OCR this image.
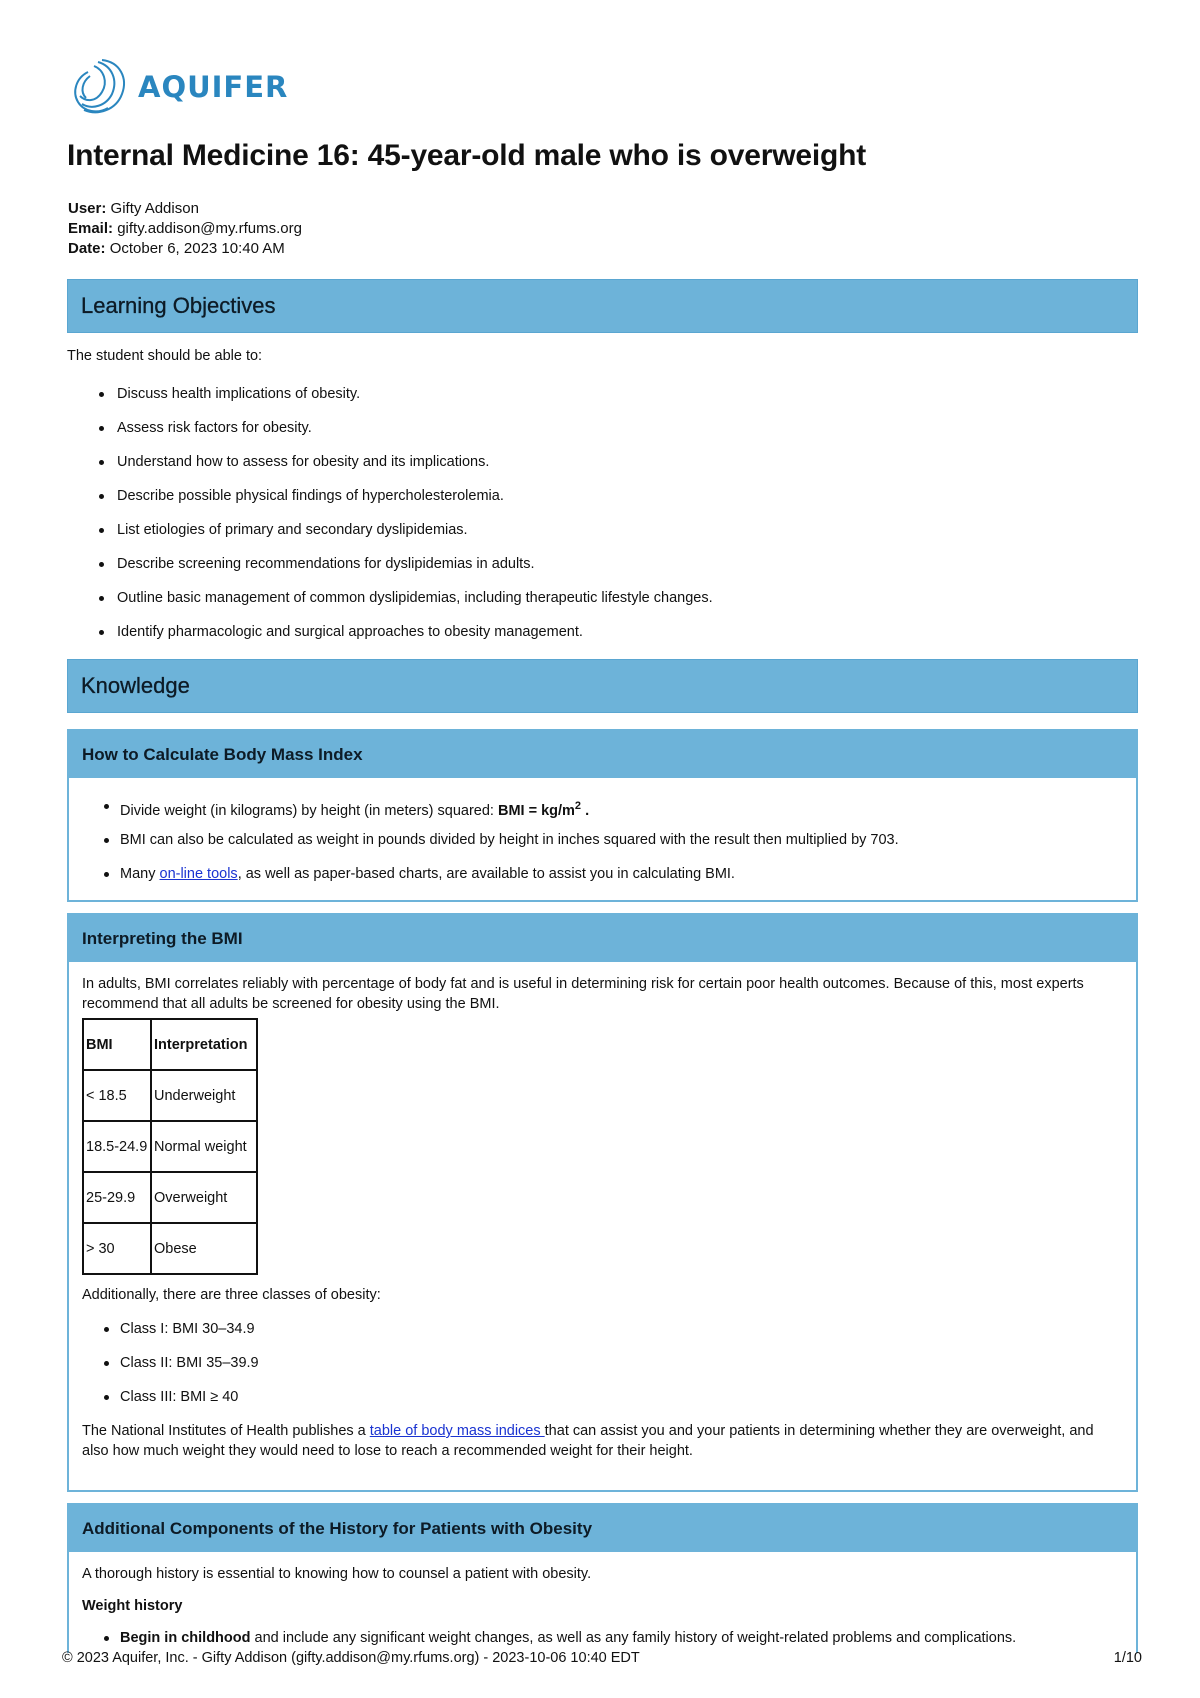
AQUIFER
Internal Medicine 16: 45-year-old male who is overweight
User: Gifty Addison
Email: gifty.addison@my.rfums.org
Date: October 6, 2023 10:40 AM
Learning Objectives
The student should be able to:
Discuss health implications of obesity.
Assess risk factors for obesity.
Understand how to assess for obesity and its implications.
Describe possible physical findings of hypercholesterolemia.
List etiologies of primary and secondary dyslipidemias.
Describe screening recommendations for dyslipidemias in adults.
Outline basic management of common dyslipidemias, including therapeutic lifestyle changes.
Identify pharmacologic and surgical approaches to obesity management.
Knowledge
How to Calculate Body Mass Index
Divide weight (in kilograms) by height (in meters) squared: BMI = $kg/m^2$ .
BMI can also be calculated as weight in pounds divided by height in inches squared with the result then multiplied by 703.
Many on-line tools, as well as paper-based charts, are available to assist you in calculating BMI.
Interpreting the BMI

In adults, BMI correlates reliably with percentage of body fat and is useful in determining risk for certain poor health outcomes. Because of this, most experts recommend that all adults be screened for obesity using the BMI.

BMI	Interpretation
< 18.5	Underweight
18.5-24.9	Normal weight
25-29.9	Overweight
> 30	Obese

Additionally, there are three classes of obesity:

Class I: BMI 30–34.9
Class II: BMI 35–39.9
Class III: BMI ≥ 40

The National Institutes of Health publishes a table of body mass indices that can assist you and your patients in determining whether they are overweight, and also how much weight they would need to lose to reach a recommended weight for their height.

Additional Components of the History for Patients with Obesity

A thorough history is essential to knowing how to counsel a patient with obesity.

Weight history

Begin in childhood and include any significant weight changes, as well as any family history of weight-related problems and complications.
© 2023 Aquifer, Inc. - Gifty Addison (gifty.addison@my.rfums.org) - 2023-10-06 10:40 EDT	1/10
